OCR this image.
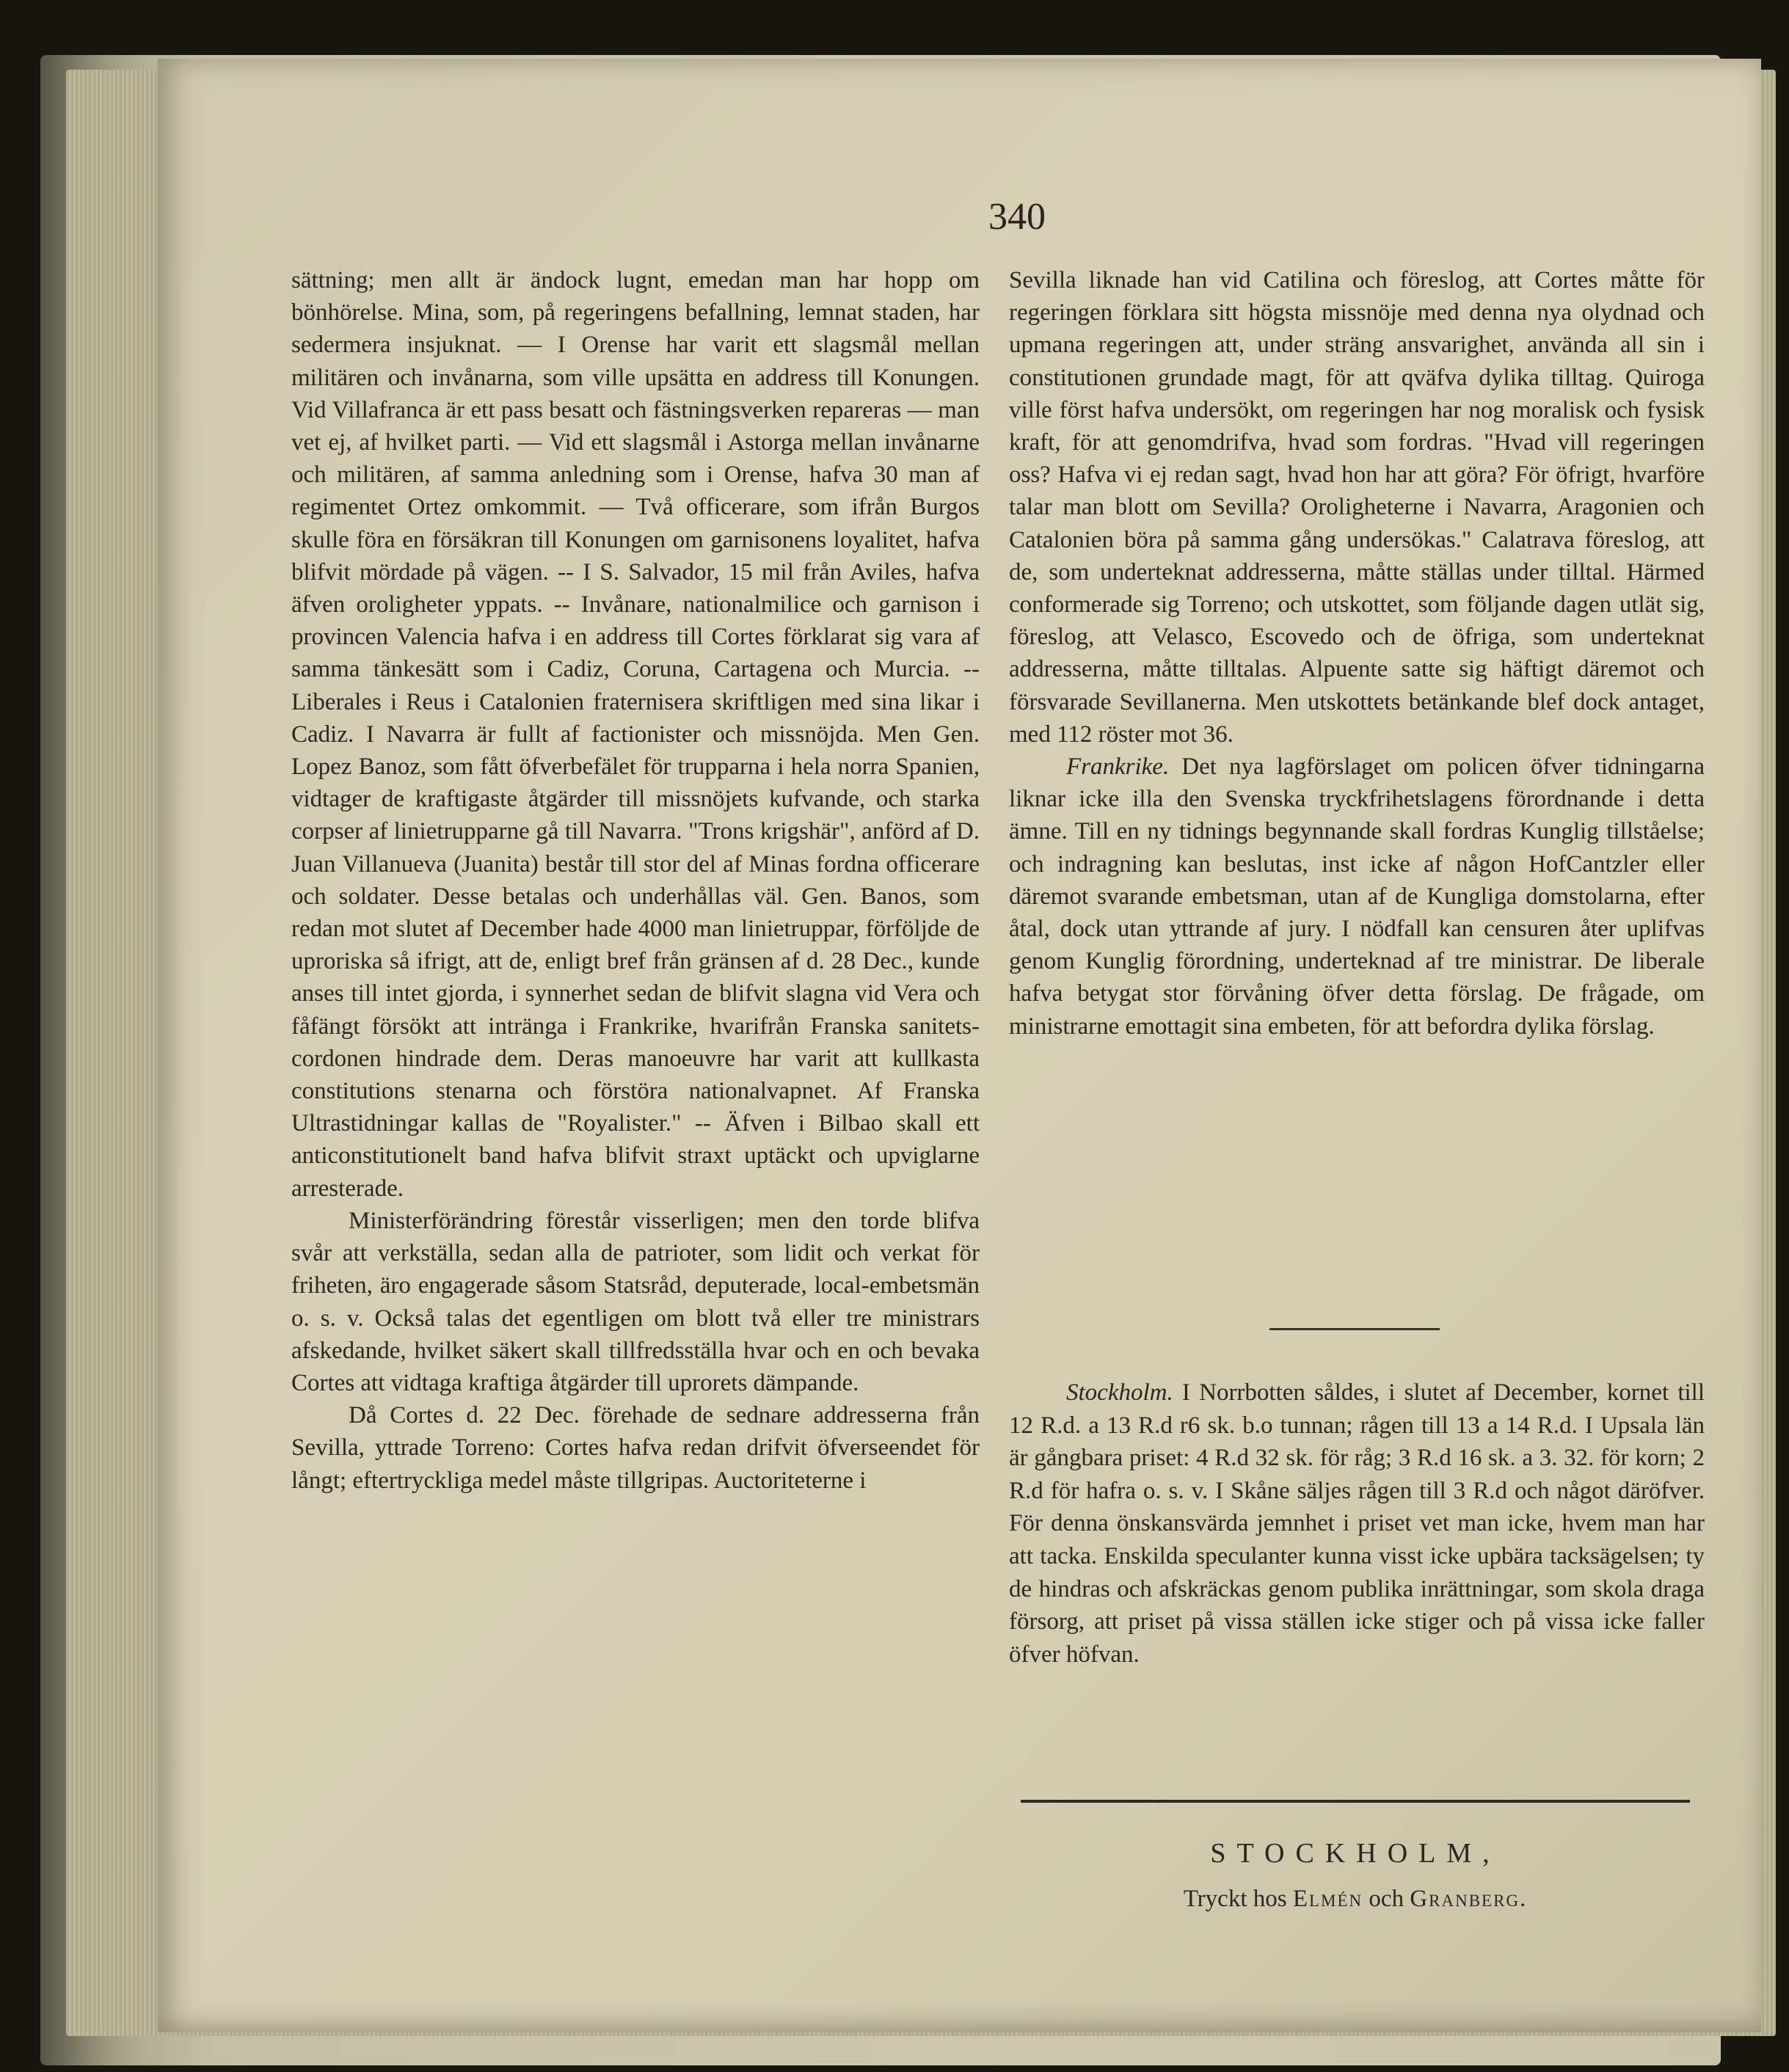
340

sättning; men allt är ändock lugnt, emedan man har hopp om bönhörelse. Mina, som, på regeringens befallning, lemnat staden, har sedermera insjuknat. — I Orense har varit ett slagsmål mellan militären och invånarna, som ville upsätta en address till Konungen. Vid Villafranca är ett pass besatt och fästningsverken repareras — man vet ej, af hvilket parti. — Vid ett slagsmål i Astorga mellan invånarne och militären, af samma anledning som i Orense, hafva 30 man af regimentet Ortez omkommit. — Två officerare, som ifrån Burgos skulle föra en försäkran till Konungen om garnisonens loyalitet, hafva blifvit mördade på vägen. -- I S. Salvador, 15 mil från Aviles, hafva äfven oroligheter yppats. -- Invånare, nationalmilice och garnison i provincen Valencia hafva i en address till Cortes förklarat sig vara af samma tänkesätt som i Cadiz, Coruna, Cartagena och Murcia. -- Liberales i Reus i Catalonien fraternisera skriftligen med sina likar i Cadiz. I Navarra är fullt af factionister och missnöjda. Men Gen. Lopez Banoz, som fått öfverbefälet för trupparna i hela norra Spanien, vidtager de kraftigaste åtgärder till missnöjets kufvande, och starka corpser af linietrupparne gå till Navarra. "Trons krigshär", anförd af D. Juan Villanueva (Juanita) består till stor del af Minas fordna officerare och soldater. Desse betalas och underhållas väl. Gen. Banos, som redan mot slutet af December hade 4000 man linietruppar, förföljde de uproriska så ifrigt, att de, enligt bref från gränsen af d. 28 Dec., kunde anses till intet gjorda, i synnerhet sedan de blifvit slagna vid Vera och fåfängt försökt att intränga i Frankrike, hvarifrån Franska sanitets-cordonen hindrade dem. Deras manoeuvre har varit att kullkasta constitutions stenarna och förstöra nationalvapnet. Af Franska Ultrastidningar kallas de "Royalister." -- Äfven i Bilbao skall ett anticonstitutionelt band hafva blifvit straxt uptäckt och upviglarne arresterade.

Ministerförändring förestår visserligen; men den torde blifva svår att verkställa, sedan alla de patrioter, som lidit och verkat för friheten, äro engagerade såsom Statsråd, deputerade, local-embetsmän o. s. v. Också talas det egentligen om blott två eller tre ministrars afskedande, hvilket säkert skall tillfredsställa hvar och en och bevaka Cortes att vidtaga kraftiga åtgärder till uprorets dämpande.

Då Cortes d. 22 Dec. förehade de sednare addresserna från Sevilla, yttrade Torreno: Cortes hafva redan drifvit öfverseendet för långt; eftertryckliga medel måste tillgripas. Auctoriteterne i

Sevilla liknade han vid Catilina och föreslog, att Cortes måtte för regeringen förklara sitt högsta missnöje med denna nya olydnad och upmana regeringen att, under sträng ansvarighet, använda all sin i constitutionen grundade magt, för att qväfva dylika tilltag. Quiroga ville först hafva undersökt, om regeringen har nog moralisk och fysisk kraft, för att genomdrifva, hvad som fordras. "Hvad vill regeringen oss? Hafva vi ej redan sagt, hvad hon har att göra? För öfrigt, hvarföre talar man blott om Sevilla? Oroligheterne i Navarra, Aragonien och Catalonien böra på samma gång undersökas." Calatrava föreslog, att de, som underteknat addresserna, måtte ställas under tilltal. Härmed conformerade sig Torreno; och utskottet, som följande dagen utlät sig, föreslog, att Velasco, Escovedo och de öfriga, som underteknat addresserna, måtte tilltalas. Alpuente satte sig häftigt däremot och försvarade Sevillanerna. Men utskottets betänkande blef dock antaget, med 112 röster mot 36.

Frankrike. Det nya lagförslaget om policen öfver tidningarna liknar icke illa den Svenska tryckfrihetslagens förordnande i detta ämne. Till en ny tidnings begynnande skall fordras Kunglig tillståelse; och indragning kan beslutas, inst icke af någon HofCantzler eller däremot svarande embetsman, utan af de Kungliga domstolarna, efter åtal, dock utan yttrande af jury. I nödfall kan censuren åter uplifvas genom Kunglig förordning, underteknad af tre ministrar. De liberale hafva betygat stor förvåning öfver detta förslag. De frågade, om ministrarne emottagit sina embeten, för att befordra dylika förslag.

Stockholm. I Norrbotten såldes, i slutet af December, kornet till 12 R.d. a 13 R.d r6 sk. b.o tunnan; rågen till 13 a 14 R.d. I Upsala län är gångbara priset: 4 R.d 32 sk. för råg; 3 R.d 16 sk. a 3. 32. för korn; 2 R.d för hafra o. s. v. I Skåne säljes rågen till 3 R.d och något däröfver. För denna önskansvärda jemnhet i priset vet man icke, hvem man har att tacka. Enskilda speculanter kunna visst icke upbära tacksägelsen; ty de hindras och afskräckas genom publika inrättningar, som skola draga försorg, att priset på vissa ställen icke stiger och på vissa icke faller öfver höfvan.

STOCKHOLM,
Tryckt hos Elmén och Granberg.
